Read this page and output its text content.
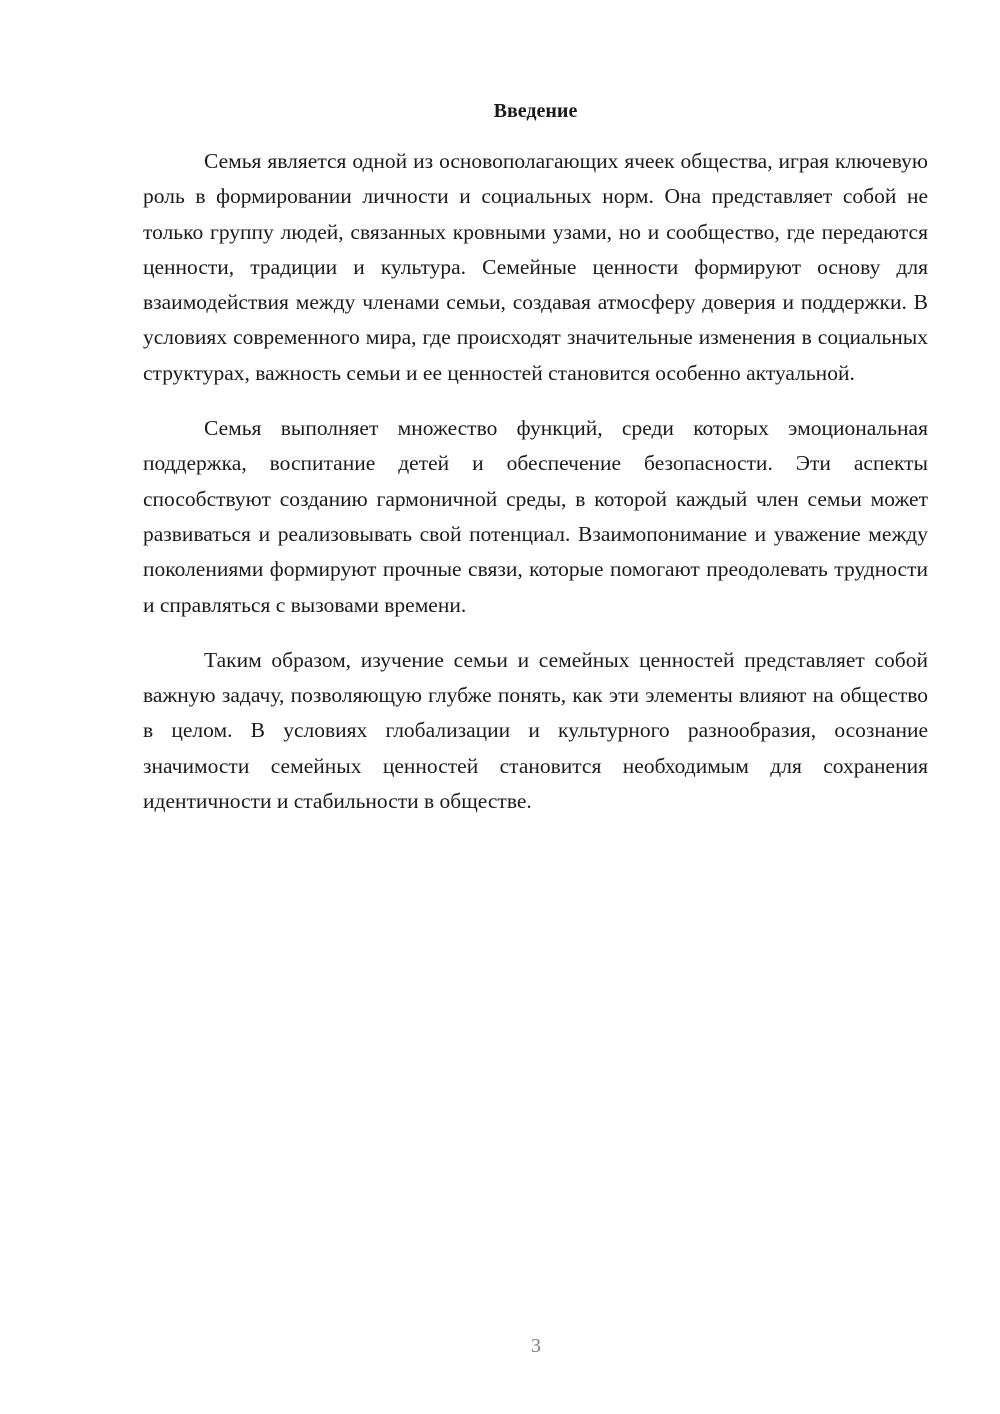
Введение

Семья является одной из основополагающих ячеек общества, играя ключевую роль в формировании личности и социальных норм. Она представляет собой не только группу людей, связанных кровными узами, но и сообщество, где передаются ценности, традиции и культура. Семейные ценности формируют основу для взаимодействия между членами семьи, создавая атмосферу доверия и поддержки. В условиях современного мира, где происходят значительные изменения в социальных структурах, важность семьи и ее ценностей становится особенно актуальной.

Семья выполняет множество функций, среди которых эмоциональная поддержка, воспитание детей и обеспечение безопасности. Эти аспекты способствуют созданию гармоничной среды, в которой каждый член семьи может развиваться и реализовывать свой потенциал. Взаимопонимание и уважение между поколениями формируют прочные связи, которые помогают преодолевать трудности и справляться с вызовами времени.

Таким образом, изучение семьи и семейных ценностей представляет собой важную задачу, позволяющую глубже понять, как эти элементы влияют на общество в целом. В условиях глобализации и культурного разнообразия, осознание значимости семейных ценностей становится необходимым для сохранения идентичности и стабильности в обществе.

3
